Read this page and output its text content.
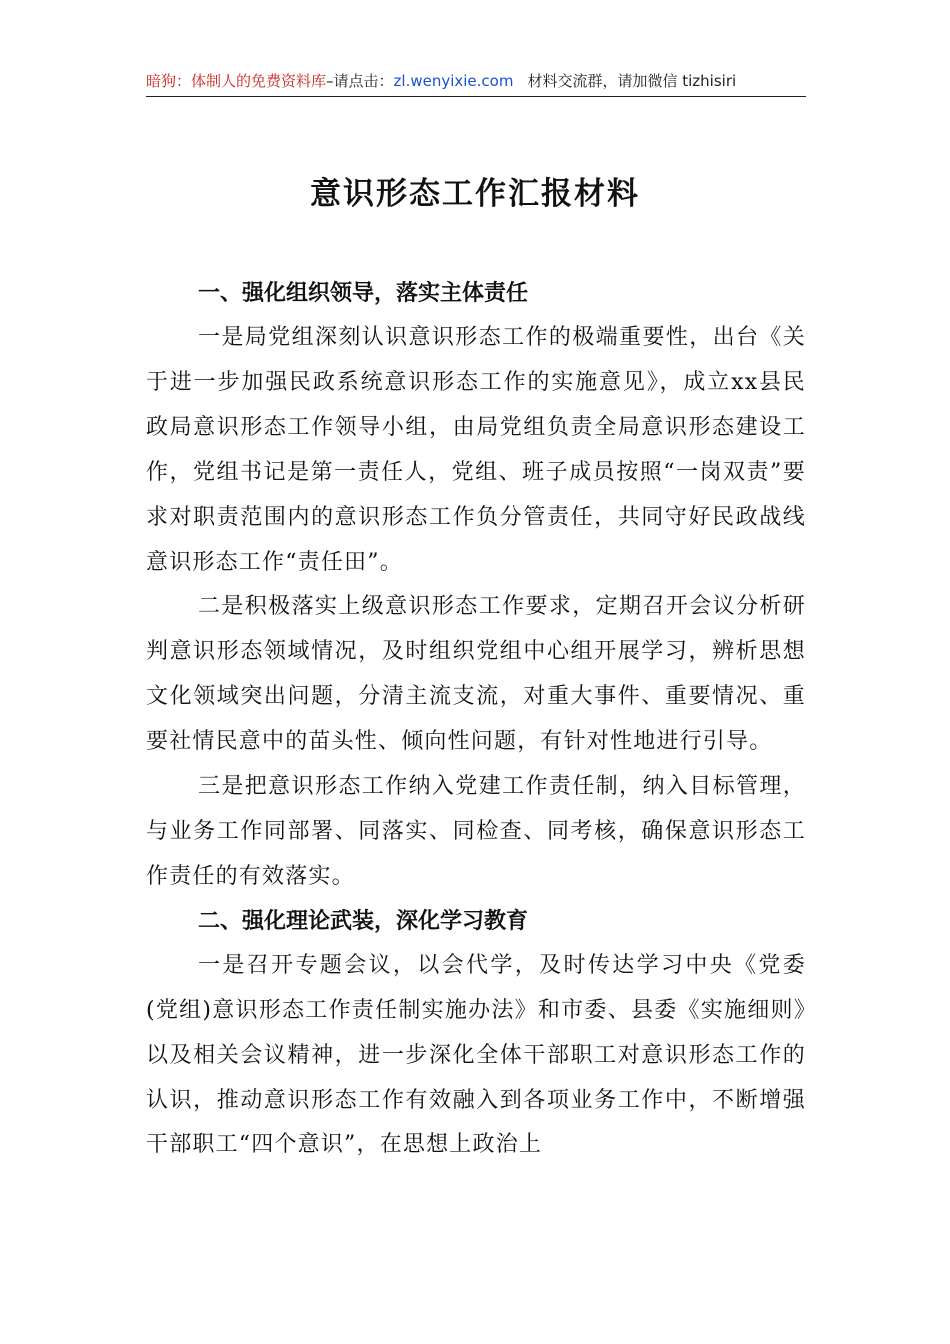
暗狗：体制人的免费资料库–请点击：zl.wenyixie.com 材料交流群，请加微信 tizhisiri
意识形态工作汇报材料
一、强化组织领导，落实主体责任

一是局党组深刻认识意识形态工作的极端重要性，出台《关于进一步加强民政系统意识形态工作的实施意见》，成立xx县民政局意识形态工作领导小组，由局党组负责全局意识形态建设工作，党组书记是第一责任人，党组、班子成员按照“一岗双责”要求对职责范围内的意识形态工作负分管责任，共同守好民政战线意识形态工作“责任田”。

二是积极落实上级意识形态工作要求，定期召开会议分析研判意识形态领域情况，及时组织党组中心组开展学习，辨析思想文化领域突出问题，分清主流支流，对重大事件、重要情况、重要社情民意中的苗头性、倾向性问题，有针对性地进行引导。

三是把意识形态工作纳入党建工作责任制，纳入目标管理，与业务工作同部署、同落实、同检查、同考核，确保意识形态工作责任的有效落实。

二、强化理论武装，深化学习教育

一是召开专题会议，以会代学，及时传达学习中央《党委(党组)意识形态工作责任制实施办法》和市委、县委《实施细则》以及相关会议精神，进一步深化全体干部职工对意识形态工作的认识，推动意识形态工作有效融入到各项业务工作中，不断增强干部职工“四个意识”，在思想上政治上
